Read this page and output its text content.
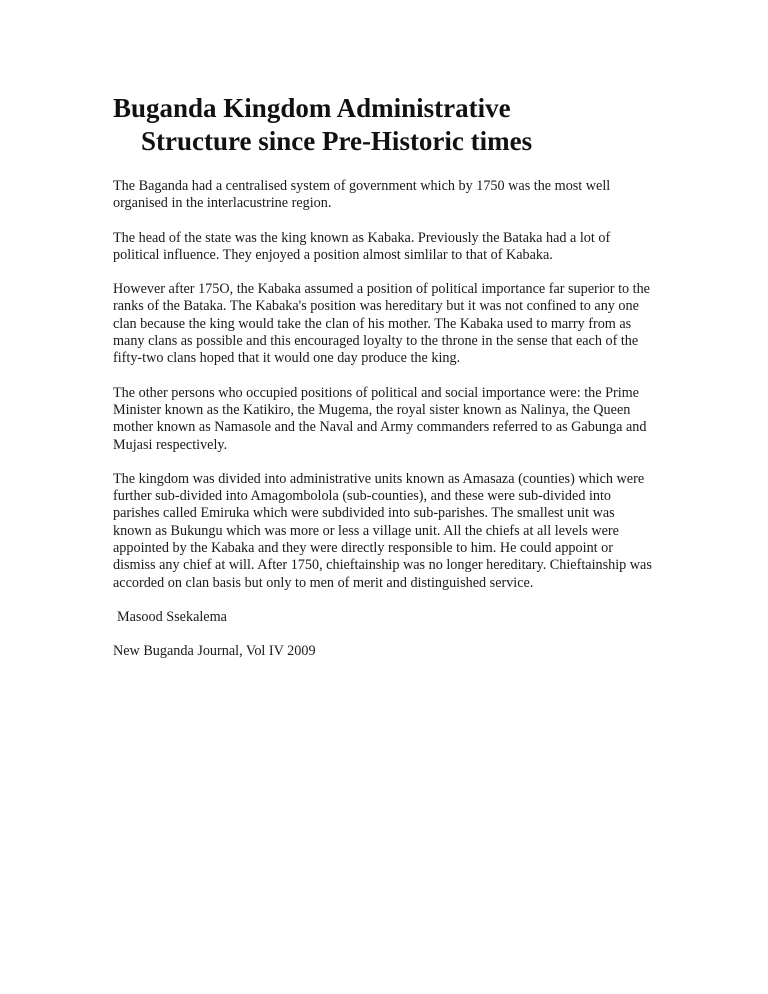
Buganda Kingdom Administrative
Structure since Pre-Historic times

The Baganda had a centralised system of government which by 1750 was the most well organised in the interlacustrine region.

The head of the state was the king known as Kabaka. Previously the Bataka had a lot of political influence. They enjoyed a position almost simlilar to that of Kabaka.

However after 175O, the Kabaka assumed a position of political importance far superior to the ranks of the Bataka. The Kabaka's position was hereditary but it was not confined to any one clan because the king would take the clan of his mother. The Kabaka used to marry from as many clans as possible and this encouraged loyalty to the throne in the sense that each of the fifty-two clans hoped that it would one day produce the king.

The other persons who occupied positions of political and social importance were: the Prime Minister known as the Katikiro, the Mugema, the royal sister known as Nalinya, the Queen mother known as Namasole and the Naval and Army commanders referred to as Gabunga and Mujasi respectively.

The kingdom was divided into administrative units known as Amasaza (counties) which were further sub-divided into Amagombolola (sub-counties), and these were sub-divided into parishes called Emiruka which were subdivided into sub-parishes. The smallest unit was known as Bukungu which was more or less a village unit. All the chiefs at all levels were appointed by the Kabaka and they were directly responsible to him. He could appoint or dismiss any chief at will. After 1750, chieftainship was no longer hereditary. Chieftainship was accorded on clan basis but only to men of merit and distinguished service.

Masood Ssekalema

New Buganda Journal, Vol IV 2009
